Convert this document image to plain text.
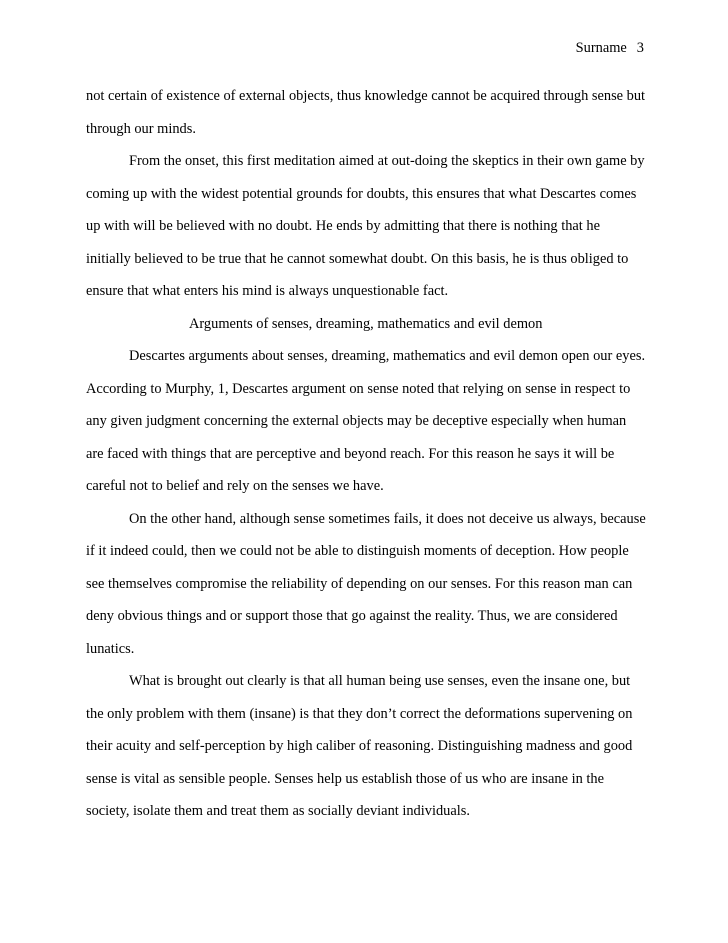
Surname 3
not certain of existence of external objects, thus knowledge cannot be acquired through sense but
through our minds.
From the onset, this first meditation aimed at out-doing the skeptics in their own game by
coming up with the widest potential grounds for doubts, this ensures that what Descartes comes
up with will be believed with no doubt. He ends by admitting that there is nothing that he
initially believed to be true that he cannot somewhat doubt. On this basis, he is thus obliged to
ensure that what enters his mind is always unquestionable fact.
Arguments of senses, dreaming, mathematics and evil demon
Descartes arguments about senses, dreaming, mathematics and evil demon open our eyes.
According to Murphy, 1, Descartes argument on sense noted that relying on sense in respect to
any given judgment concerning the external objects may be deceptive especially when human
are faced with things that are perceptive and beyond reach. For this reason he says it will be
careful not to belief and rely on the senses we have.
On the other hand, although sense sometimes fails, it does not deceive us always, because
if it indeed could, then we could not be able to distinguish moments of deception. How people
see themselves compromise the reliability of depending on our senses. For this reason man can
deny obvious things and or support those that go against the reality. Thus, we are considered
lunatics.
What is brought out clearly is that all human being use senses, even the insane one, but
the only problem with them (insane) is that they don’t correct the deformations supervening on
their acuity and self-perception by high caliber of reasoning. Distinguishing madness and good
sense is vital as sensible people. Senses help us establish those of us who are insane in the
society, isolate them and treat them as socially deviant individuals.
